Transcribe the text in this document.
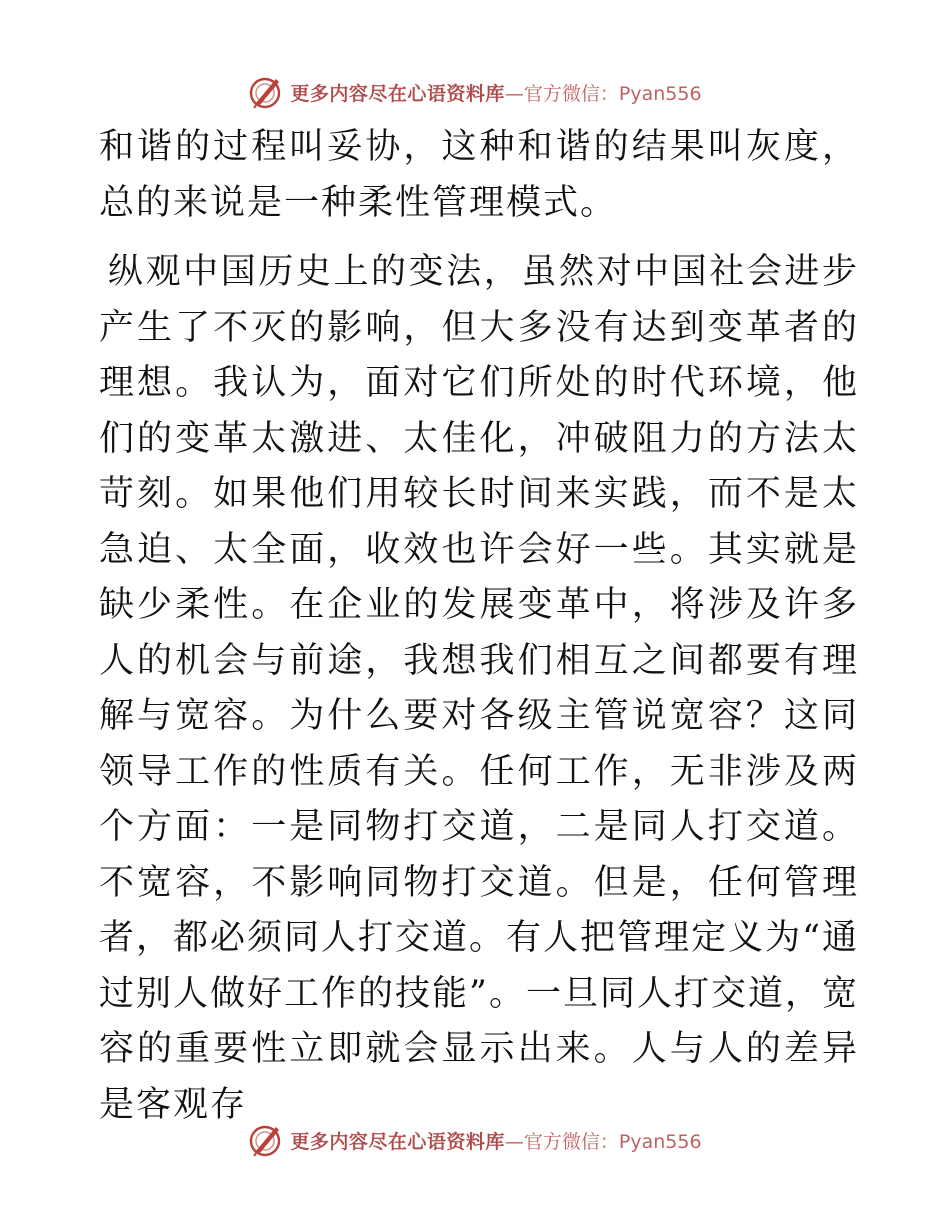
更多内容尽在心语资料库 —官方微信：Pyan556

和谐的过程叫妥协，这种和谐的结果叫灰度，总的来说是一种柔性管理模式。

纵观中国历史上的变法，虽然对中国社会进步产生了不灭的影响，但大多没有达到变革者的理想。我认为，面对它们所处的时代环境，他们的变革太激进、太佳化，冲破阻力的方法太苛刻。如果他们用较长时间来实践，而不是太急迫、太全面，收效也许会好一些。其实就是缺少柔性。在企业的发展变革中，将涉及许多人的机会与前途，我想我们相互之间都要有理解与宽容。为什么要对各级主管说宽容？这同领导工作的性质有关。任何工作，无非涉及两个方面：一是同物打交道，二是同人打交道。不宽容，不影响同物打交道。但是，任何管理者，都必须同人打交道。有人把管理定义为“通过别人做好工作的技能”。一旦同人打交道，宽容的重要性立即就会显示出来。人与人的差异是客观存

更多内容尽在心语资料库 —官方微信：Pyan556
